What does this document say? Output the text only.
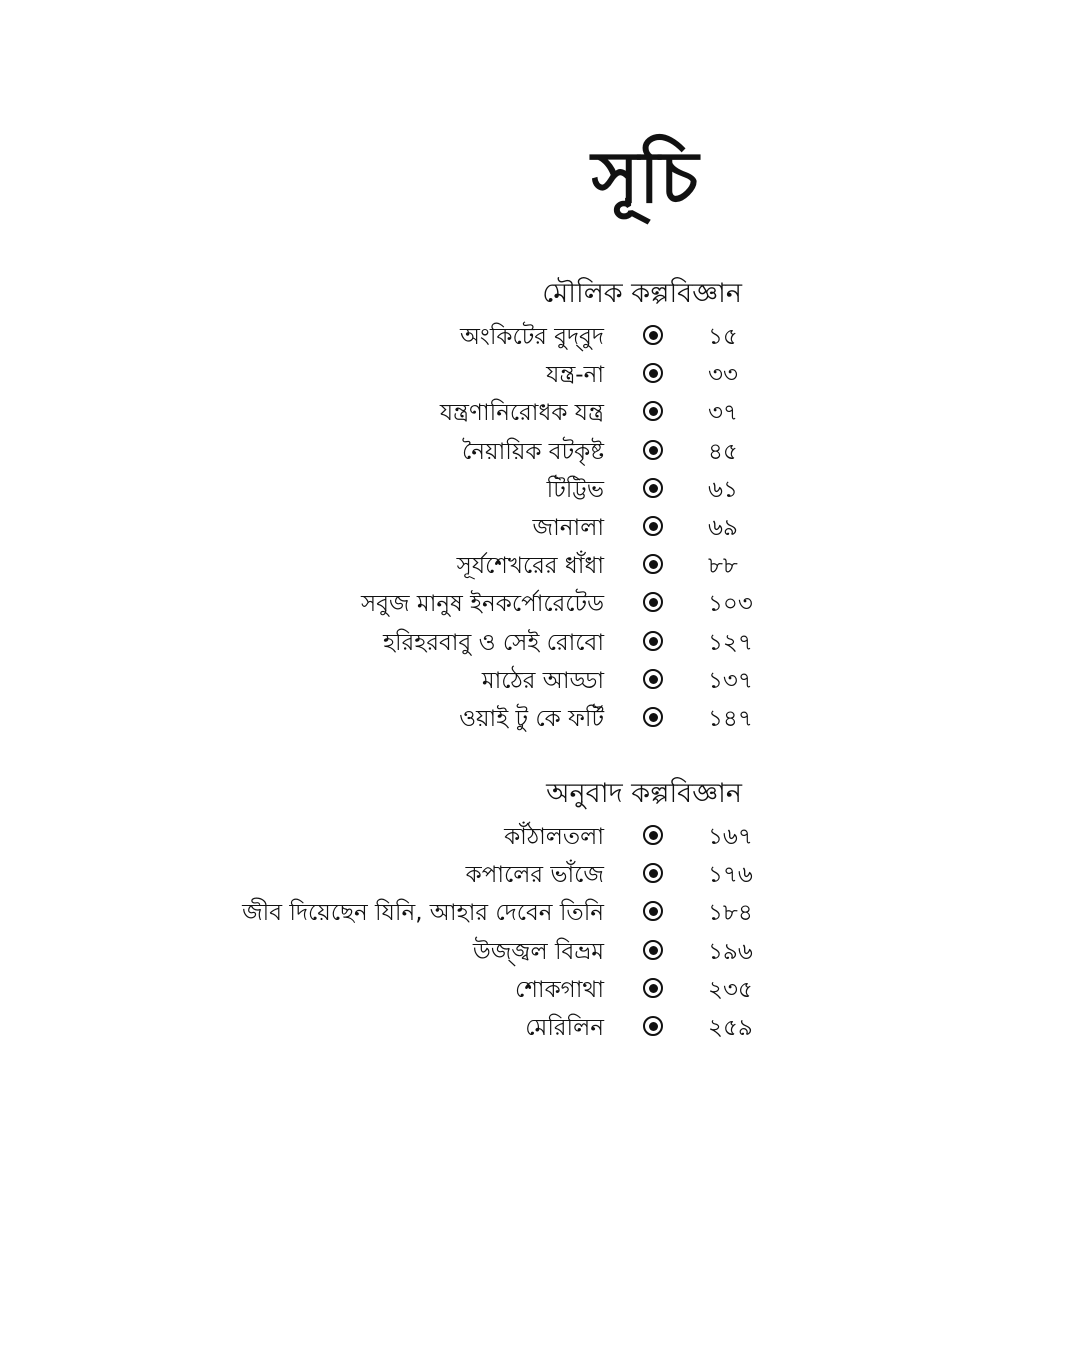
সূচি
মৌলিক কল্পবিজ্ঞান
অংকিটের বুদ্‌বুদ	১৫
যন্ত্র-না	৩৩
যন্ত্রণানিরোধক যন্ত্র	৩৭
নৈয়ায়িক বটকৃষ্ট	৪৫
টিট্টিভ	৬১
জানালা	৬৯
সূর্যশেখরের ধাঁধা	৮৮
সবুজ মানুষ ইনকর্পোরেটেড	১০৩
হরিহরবাবু ও সেই রোবো	১২৭
মাঠের আড্ডা	১৩৭
ওয়াই টু কে ফর্টি	১৪৭
অনুবাদ কল্পবিজ্ঞান
কাঁঠালতলা	১৬৭
কপালের ভাঁজে	১৭৬
জীব দিয়েছেন যিনি, আহার দেবেন তিনি	১৮৪
উজ্জ্বল বিভ্রম	১৯৬
শোকগাথা	২৩৫
মেরিলিন	২৫৯
